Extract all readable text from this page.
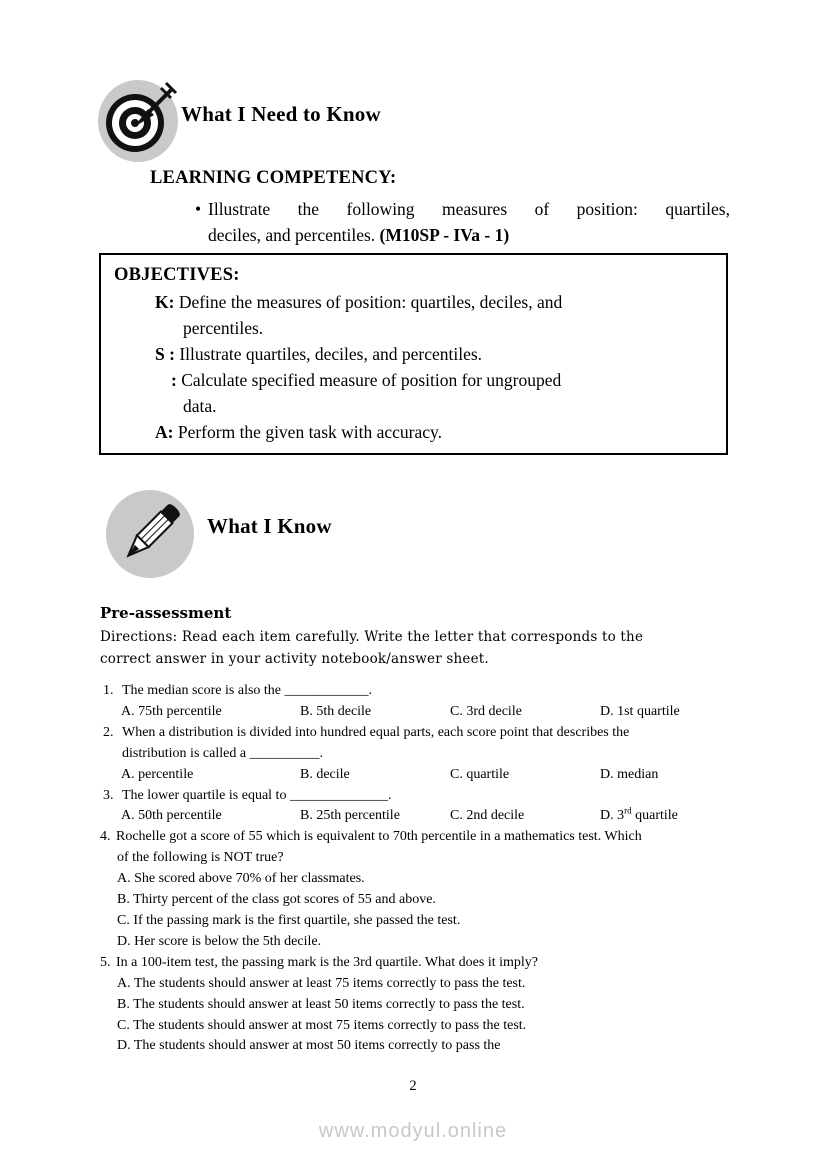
What I Need to Know
LEARNING COMPETENCY:
• Illustrate the following measures of position: quartiles,
deciles, and percentiles. (M10SP - IVa - 1)
OBJECTIVES:
K: Define the measures of position: quartiles, deciles, and
percentiles.
S : Illustrate quartiles, deciles, and percentiles.
: Calculate specified measure of position for ungrouped
data.
A: Perform the given task with accuracy.
What I Know
Pre-assessment
Directions: Read each item carefully. Write the letter that corresponds to the
correct answer in your activity notebook/answer sheet.
1. The median score is also the ____________.
A. 75th percentile	B. 5th decile	C. 3rd decile	D. 1st quartile
2. When a distribution is divided into hundred equal parts, each score point that describes the
distribution is called a __________.
A. percentile	B. decile	C. quartile	D. median
3. The lower quartile is equal to ______________.
A. 50th percentile	B. 25th percentile	C. 2nd decile	D. 3rd quartile
4. Rochelle got a score of 55 which is equivalent to 70th percentile in a mathematics test. Which
of the following is NOT true?
A. She scored above 70% of her classmates.
B. Thirty percent of the class got scores of 55 and above.
C. If the passing mark is the first quartile, she passed the test.
D. Her score is below the 5th decile.
5. In a 100-item test, the passing mark is the 3rd quartile. What does it imply?
A. The students should answer at least 75 items correctly to pass the test.
B. The students should answer at least 50 items correctly to pass the test.
C. The students should answer at most 75 items correctly to pass the test.
D. The students should answer at most 50 items correctly to pass the
2
www.modyul.online
